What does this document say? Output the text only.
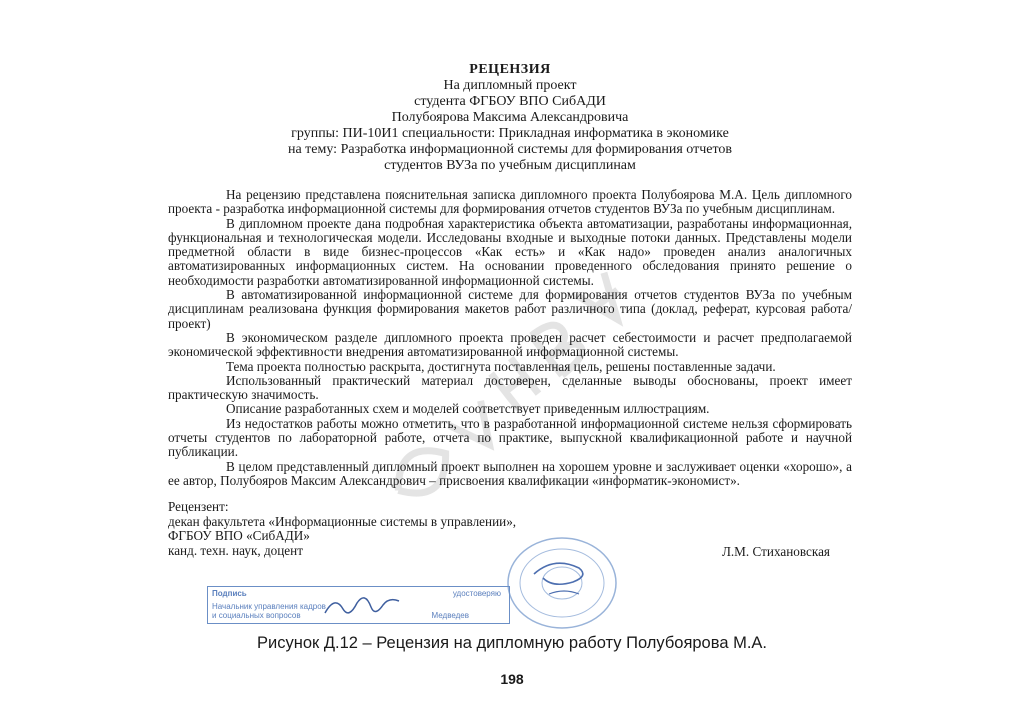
РЕЦЕНЗИЯ
На дипломный проект
студента ФГБОУ ВПО СибАДИ
Полубоярова Максима Александровича
группы: ПИ-10И1 специальности: Прикладная информатика в экономике
на тему: Разработка информационной системы для формирования отчетов
студентов ВУЗа по учебным дисциплинам

На рецензию представлена пояснительная записка дипломного проекта Полубоярова М.А. Цель дипломного проекта - разработка информационной системы для формирования отчетов студентов ВУЗа по учебным дисциплинам.

В дипломном проекте дана подробная характеристика объекта автоматизации, разработаны информационная, функциональная и технологическая модели. Исследованы входные и выходные потоки данных. Представлены модели предметной области в виде бизнес-процессов «Как есть» и «Как надо» проведен анализ аналогичных автоматизированных информационных систем. На основании проведенного обследования принято решение о необходимости разработки автоматизированной информационной системы.

В автоматизированной информационной системе для формирования отчетов студентов ВУЗа по учебным дисциплинам реализована функция формирования макетов работ различного типа (доклад, реферат, курсовая работа/проект)

В экономическом разделе дипломного проекта проведен расчет себестоимости и расчет предполагаемой экономической эффективности внедрения автоматизированной информационной системы.

Тема проекта полностью раскрыта, достигнута поставленная цель, решены поставленные задачи.

Использованный практический материал достоверен, сделанные выводы обоснованы, проект имеет практическую значимость.

Описание разработанных схем и моделей соответствует приведенным иллюстрациям.

Из недостатков работы можно отметить, что в разработанной информационной системе нельзя сформировать отчеты студентов по лабораторной работе, отчета по практике, выпускной квалификационной работе и научной публикации.

В целом представленный дипломный проект выполнен на хорошем уровне и заслуживает оценки «хорошо», а ее автор, Полубояров Максим Александрович – присвоения квалификации «информатик-экономист».

Рецензент:
декан факультета «Информационные системы в управлении»,
ФГБОУ ВПО «СибАДИ»
канд. техн. наук, доцент	Л.М. Стихановская
Подпись	удостоверяю
Начальник управления кадров
и социальных вопросов	Медведев
Рисунок Д.12 – Рецензия на дипломную работу Полубоярова М.А.
198
